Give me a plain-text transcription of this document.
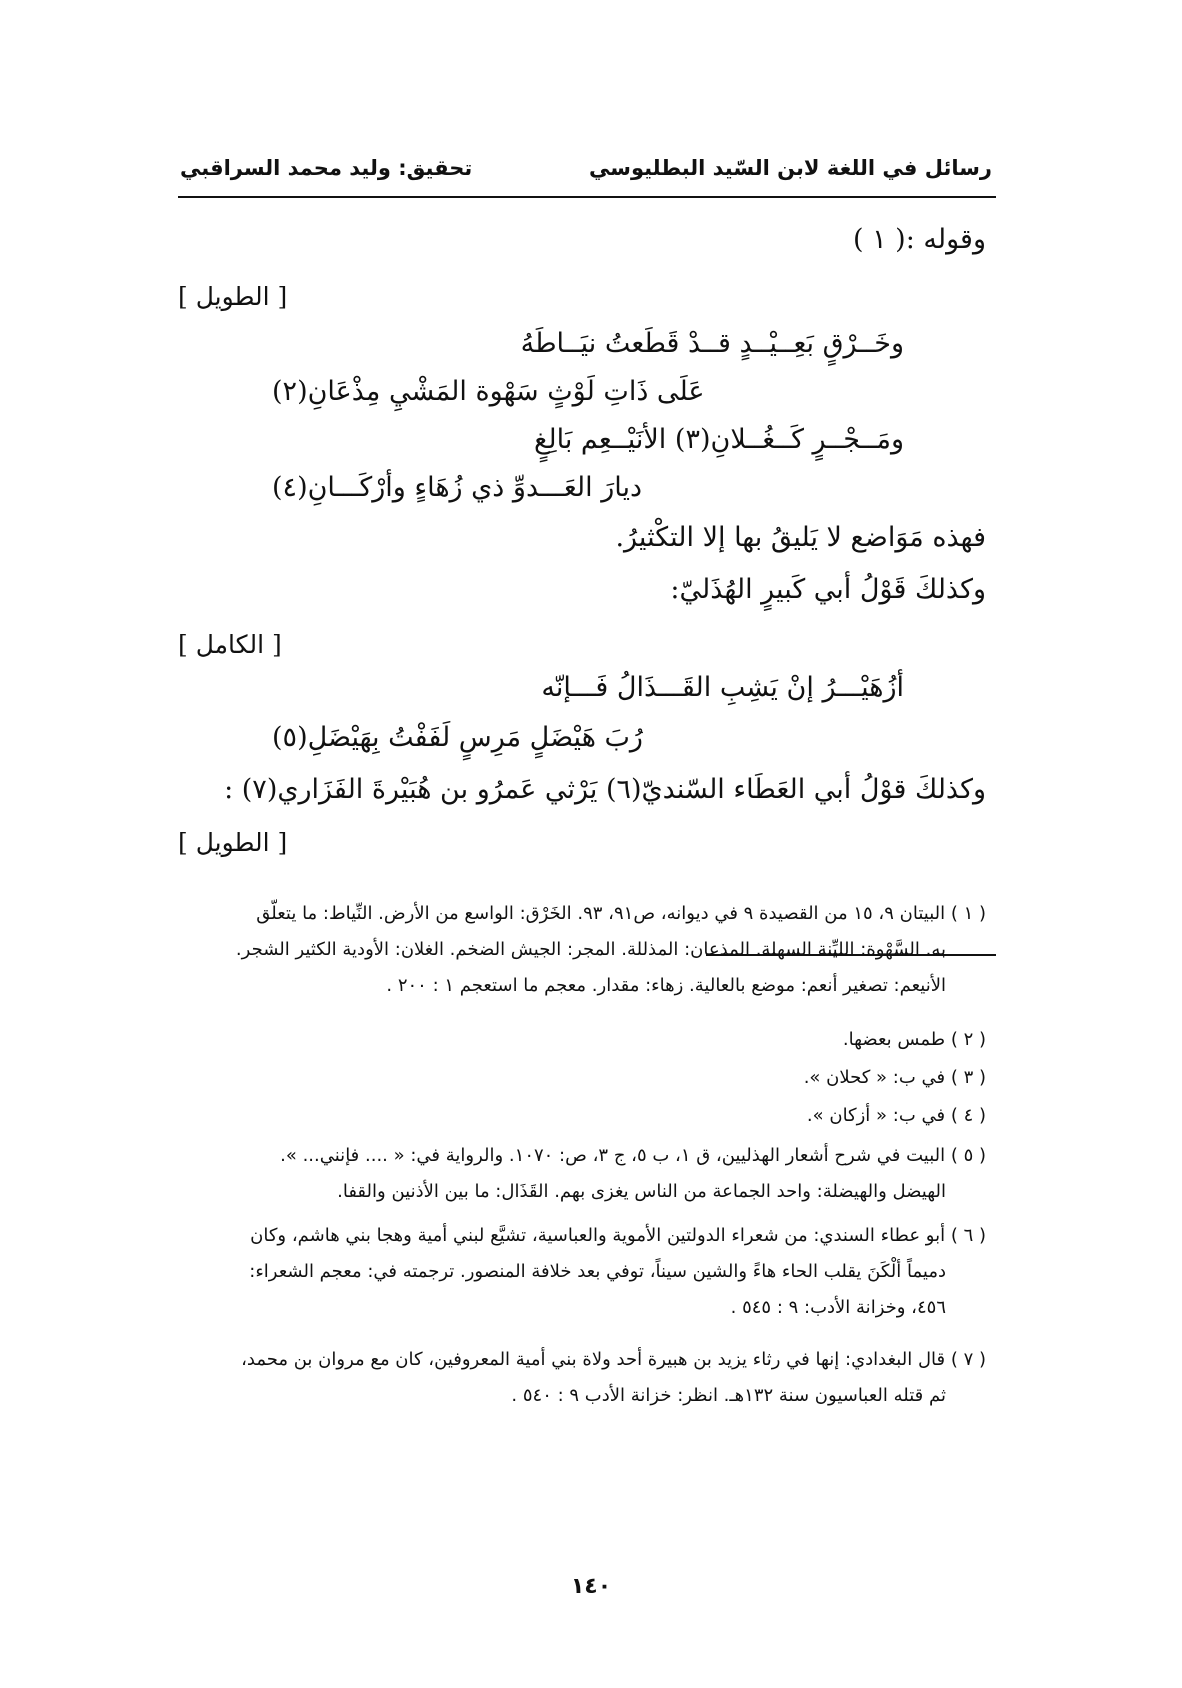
رسائل في اللغة لابن السّيد البطليوسي
تحقيق: وليد محمد السراقبي
وقوله :( ١ )
[ الطويل ]
وخَــرْقٍ بَعِــيْــدٍ قــدْ قَطَعتُ نيَــاطَهُ
عَلَى ذَاتِ لَوْثٍ سَهْوة المَشْيِ مِذْعَانِ(٢)
ومَــجْــرٍ كَــغُــلانِ(٣) الأنَيْــعِم بَالِغٍ
ديارَ العَـــدوِّ ذي زُهَاءٍ وأرْكَـــانِ(٤)
فهذه مَوَاضع لا يَليقُ بها إلا التكْثيرُ.
وكذلكَ قَوْلُ أبي كَبيرٍ الهُذَليّ:
[ الكامل ]
أزُهَيْـــرُ إنْ يَشِبِ القَـــذَالُ فَـــإنّه
رُبَ هَيْضَلٍ مَرِسٍ لَفَفْتُ بِهَيْضَلِ(٥)
وكذلكَ قوْلُ أبي العَطَاء السّنديّ(٦) يَرْثي عَمرُو بن هُبَيْرةَ الفَزَاري(٧) :
[ الطويل ]
( ١ ) البيتان ٩، ١٥ من القصيدة ٩ في ديوانه، ص٩١، ٩٣. الخَرْق: الواسع من الأرض. النِّياط: ما يتعلّق
به. السَّهْوة: الليِّنة السهلة. المذعان: المذللة. المجر: الجيش الضخم. الغلان: الأودية الكثير الشجر.
الأنيعم: تصغير أنعم: موضع بالعالية. زهاء: مقدار. معجم ما استعجم ١ : ٢٠٠ .
( ٢ ) طمس بعضها.
( ٣ ) في ب: « كحلان ».
( ٤ ) في ب: « أزكان ».
( ٥ ) البيت في شرح أشعار الهذليين، ق ١، ب ٥، ج ٣، ص: ١٠٧٠. والرواية في: « .... فإنني... ».
الهيضل والهيضلة: واحد الجماعة من الناس يغزى بهم. القَذَال: ما بين الأذنين والقفا.
( ٦ ) أبو عطاء السندي: من شعراء الدولتين الأموية والعباسية، تشيَّع لبني أمية وهجا بني هاشم، وكان
دميماً ألْكَنَ يقلب الحاء هاءً والشين سيناً، توفي بعد خلافة المنصور. ترجمته في: معجم الشعراء:
٤٥٦، وخزانة الأدب: ٩ : ٥٤٥ .
( ٧ ) قال البغدادي: إنها في رثاء يزيد بن هبيرة أحد ولاة بني أمية المعروفين، كان مع مروان بن محمد،
ثم قتله العباسيون سنة ١٣٢هـ. انظر: خزانة الأدب ٩ : ٥٤٠ .
١٤٠
